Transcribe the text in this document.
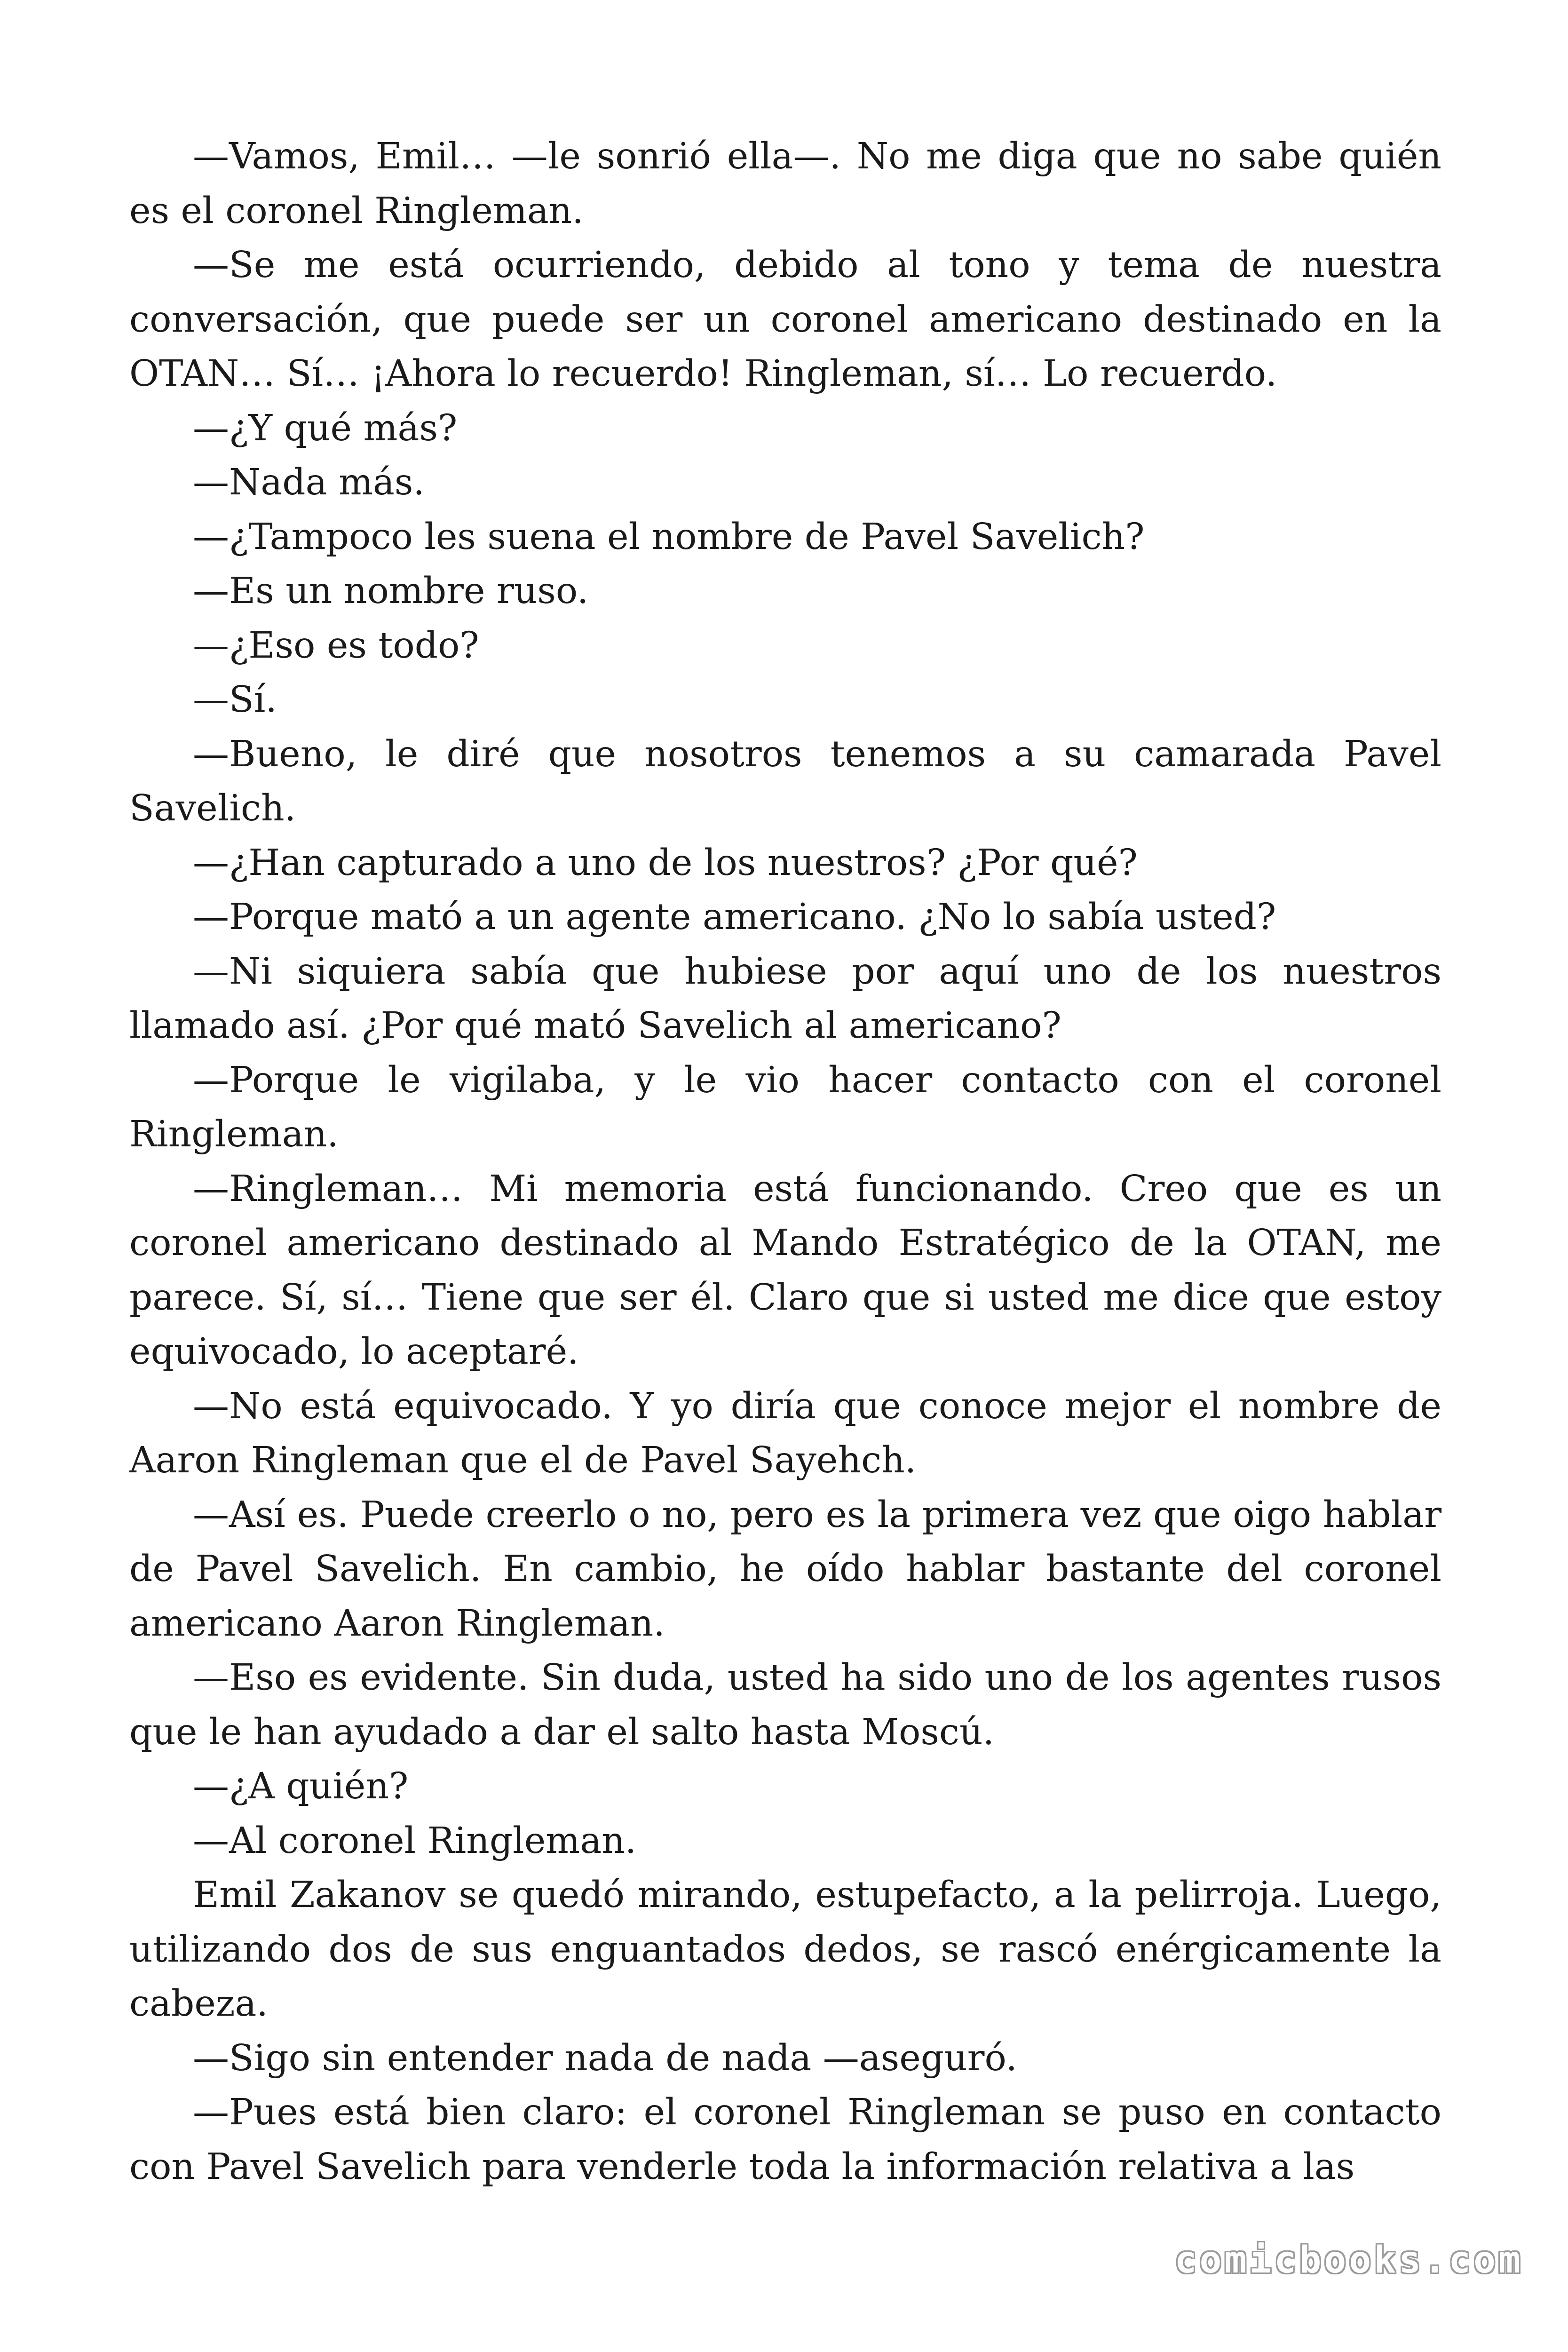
—Vamos, Emil… —le sonrió ella—. No me diga que no sabe quién es el coronel Ringleman.

—Se me está ocurriendo, debido al tono y tema de nuestra conversación, que puede ser un coronel americano destinado en la OTAN… Sí… ¡Ahora lo recuerdo! Ringleman, sí… Lo recuerdo.

—¿Y qué más?

—Nada más.

—¿Tampoco les suena el nombre de Pavel Savelich?

—Es un nombre ruso.

—¿Eso es todo?

—Sí.

—Bueno, le diré que nosotros tenemos a su camarada Pavel Savelich.

—¿Han capturado a uno de los nuestros? ¿Por qué?

—Porque mató a un agente americano. ¿No lo sabía usted?

—Ni siquiera sabía que hubiese por aquí uno de los nuestros llamado así. ¿Por qué mató Savelich al americano?

—Porque le vigilaba, y le vio hacer contacto con el coronel Ringleman.

—Ringleman… Mi memoria está funcionando. Creo que es un coronel americano destinado al Mando Estratégico de la OTAN, me parece. Sí, sí… Tiene que ser él. Claro que si usted me dice que estoy equivocado, lo aceptaré.

—No está equivocado. Y yo diría que conoce mejor el nombre de Aaron Ringleman que el de Pavel Sayehch.

—Así es. Puede creerlo o no, pero es la primera vez que oigo hablar de Pavel Savelich. En cambio, he oído hablar bastante del coronel americano Aaron Ringleman.

—Eso es evidente. Sin duda, usted ha sido uno de los agentes rusos que le han ayudado a dar el salto hasta Moscú.

—¿A quién?

—Al coronel Ringleman.

Emil Zakanov se quedó mirando, estupefacto, a la pelirroja. Luego, utilizando dos de sus enguantados dedos, se rascó enérgicamente la cabeza.

—Sigo sin entender nada de nada —aseguró.

—Pues está bien claro: el coronel Ringleman se puso en contacto con Pavel Savelich para venderle toda la información relativa a las

comicbooks.com
